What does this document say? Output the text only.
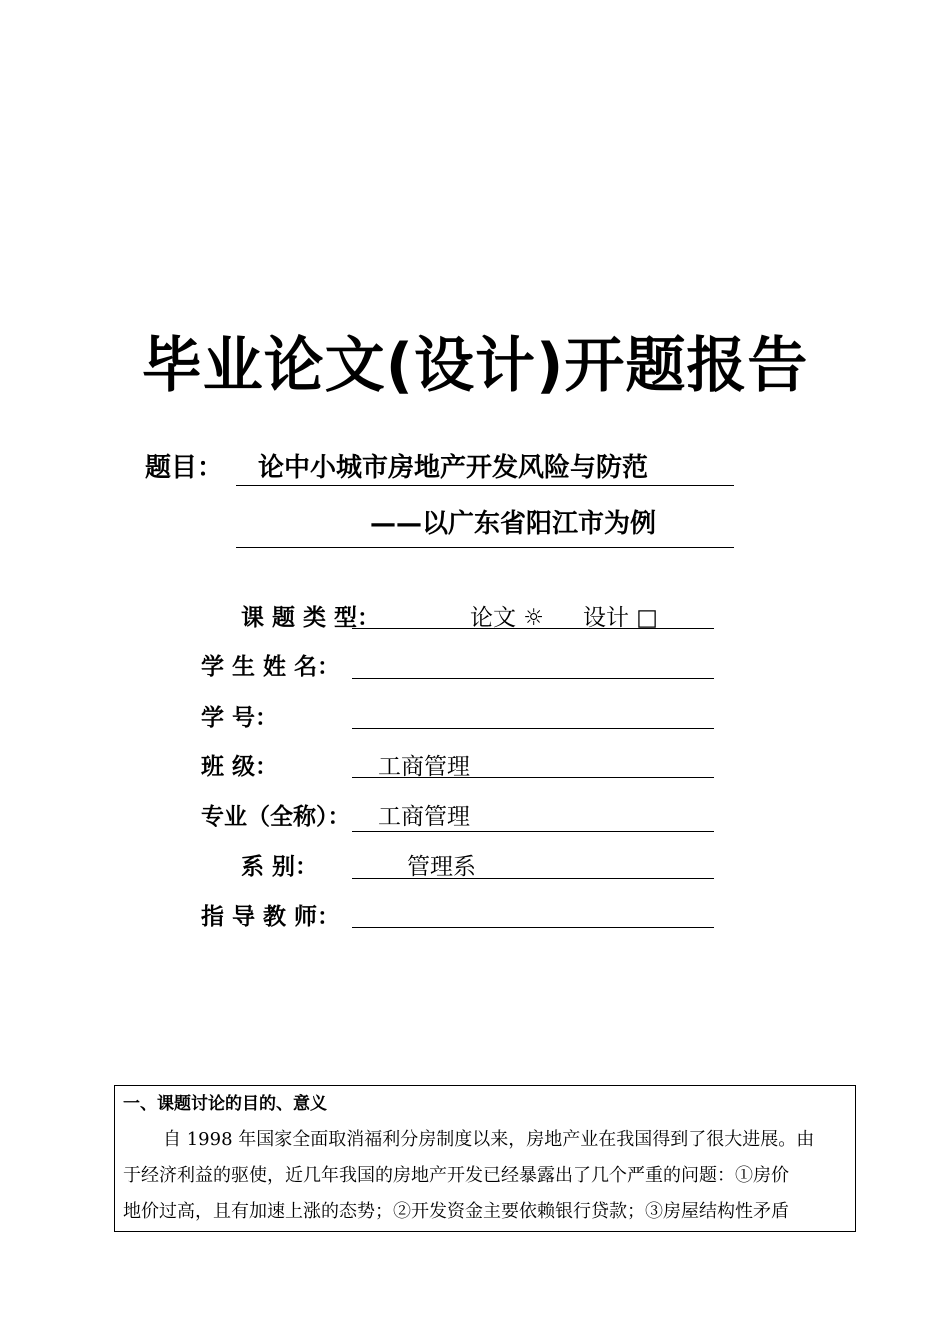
毕业论文(设计)开题报告
题目： 论中小城市房地产开发风险与防范
——以广东省阳江市为例
课 题 类 型：	论文 ☼ 设计 □
学 生 姓 名：
学 号：
班 级：	工商管理
专业（全称）： 工商管理
系 别：	管理系
指 导 教 师：
一、课题讨论的目的、意义
自 1998 年国家全面取消福利分房制度以来，房地产业在我国得到了很大进展。由
于经济利益的驱使，近几年我国的房地产开发已经暴露出了几个严重的问题：①房价
地价过高，且有加速上涨的态势；②开发资金主要依赖银行贷款；③房屋结构性矛盾
